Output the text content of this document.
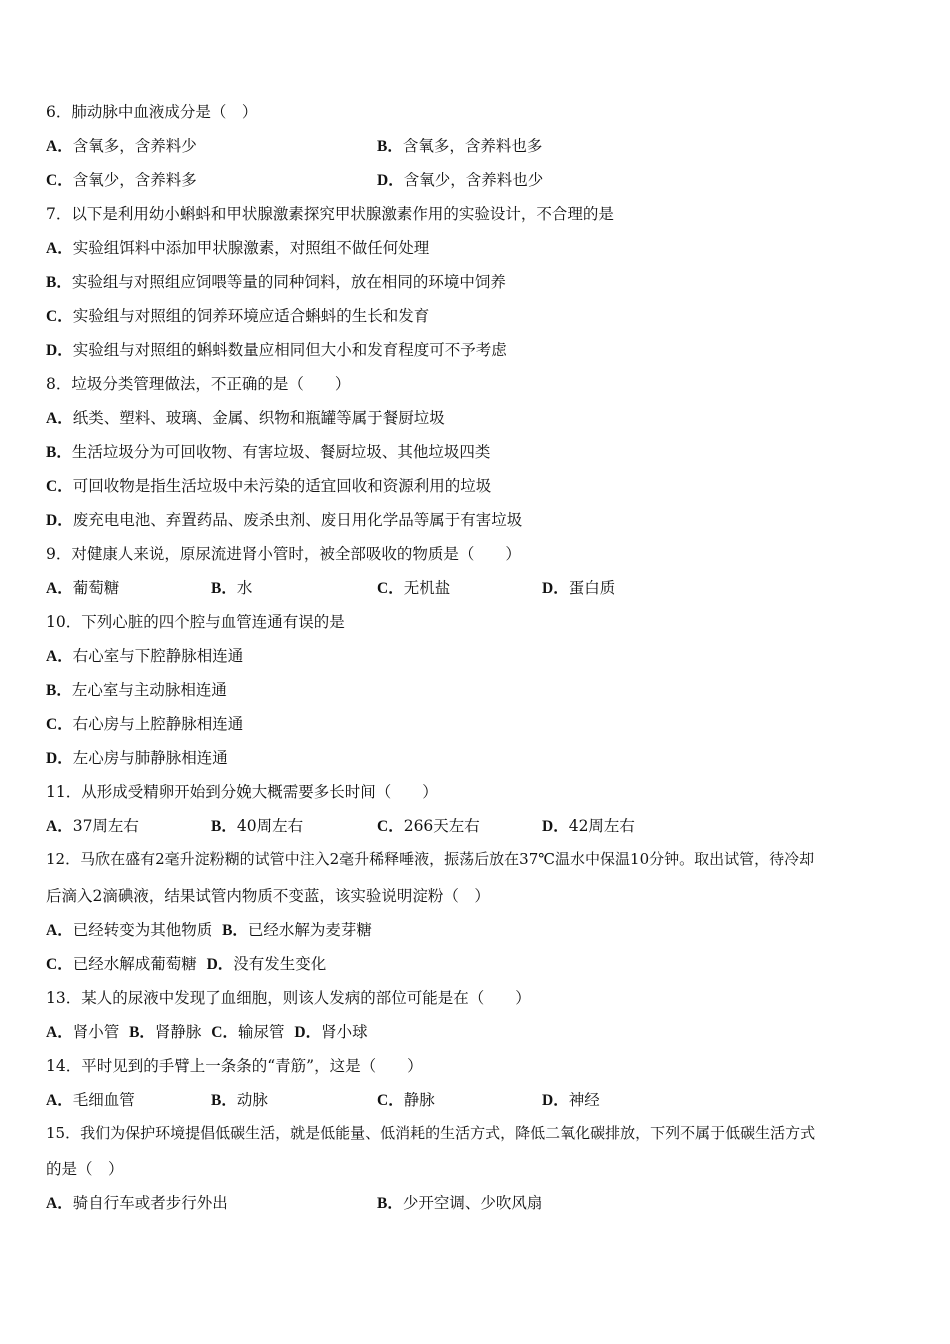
6．肺动脉中血液成分是（　）
A．含氧多，含养料少	B．含氧多，含养料也多
C．含氧少，含养料多	D．含氧少，含养料也少
7．以下是利用幼小蝌蚪和甲状腺激素探究甲状腺激素作用的实验设计，不合理的是
A．实验组饵料中添加甲状腺激素，对照组不做任何处理
B．实验组与对照组应饲喂等量的同种饲料，放在相同的环境中饲养
C．实验组与对照组的饲养环境应适合蝌蚪的生长和发育
D．实验组与对照组的蝌蚪数量应相同但大小和发育程度可不予考虑
8．垃圾分类管理做法，不正确的是（　　）
A．纸类、塑料、玻璃、金属、织物和瓶罐等属于餐厨垃圾
B．生活垃圾分为可回收物、有害垃圾、餐厨垃圾、其他垃圾四类
C．可回收物是指生活垃圾中未污染的适宜回收和资源利用的垃圾
D．废充电电池、弃置药品、废杀虫剂、废日用化学品等属于有害垃圾
9．对健康人来说，原尿流进肾小管时，被全部吸收的物质是（　　）
A．葡萄糖	B．水	C．无机盐	D．蛋白质
10．下列心脏的四个腔与血管连通有误的是
A．右心室与下腔静脉相连通
B．左心室与主动脉相连通
C．右心房与上腔静脉相连通
D．左心房与肺静脉相连通
11．从形成受精卵开始到分娩大概需要多长时间（　　）
A．37周左右	B．40周左右	C．266天左右	D．42周左右
12．马欣在盛有2毫升淀粉糊的试管中注入2毫升稀释唾液，振荡后放在37℃温水中保温10分钟。取出试管，待冷却
后滴入2滴碘液，结果试管内物质不变蓝，该实验说明淀粉（　）
A．已经转变为其他物质 B．已经水解为麦芽糖
C．已经水解成葡萄糖 D．没有发生变化
13．某人的尿液中发现了血细胞，则该人发病的部位可能是在（　　）
A．肾小管 B．肾静脉 C．输尿管 D．肾小球
14．平时见到的手臂上一条条的“青筋”，这是（　　）
A．毛细血管	B．动脉	C．静脉	D．神经
15．我们为保护环境提倡低碳生活，就是低能量、低消耗的生活方式，降低二氧化碳排放，下列不属于低碳生活方式
的是（　）
A．骑自行车或者步行外出	B．少开空调、少吹风扇
